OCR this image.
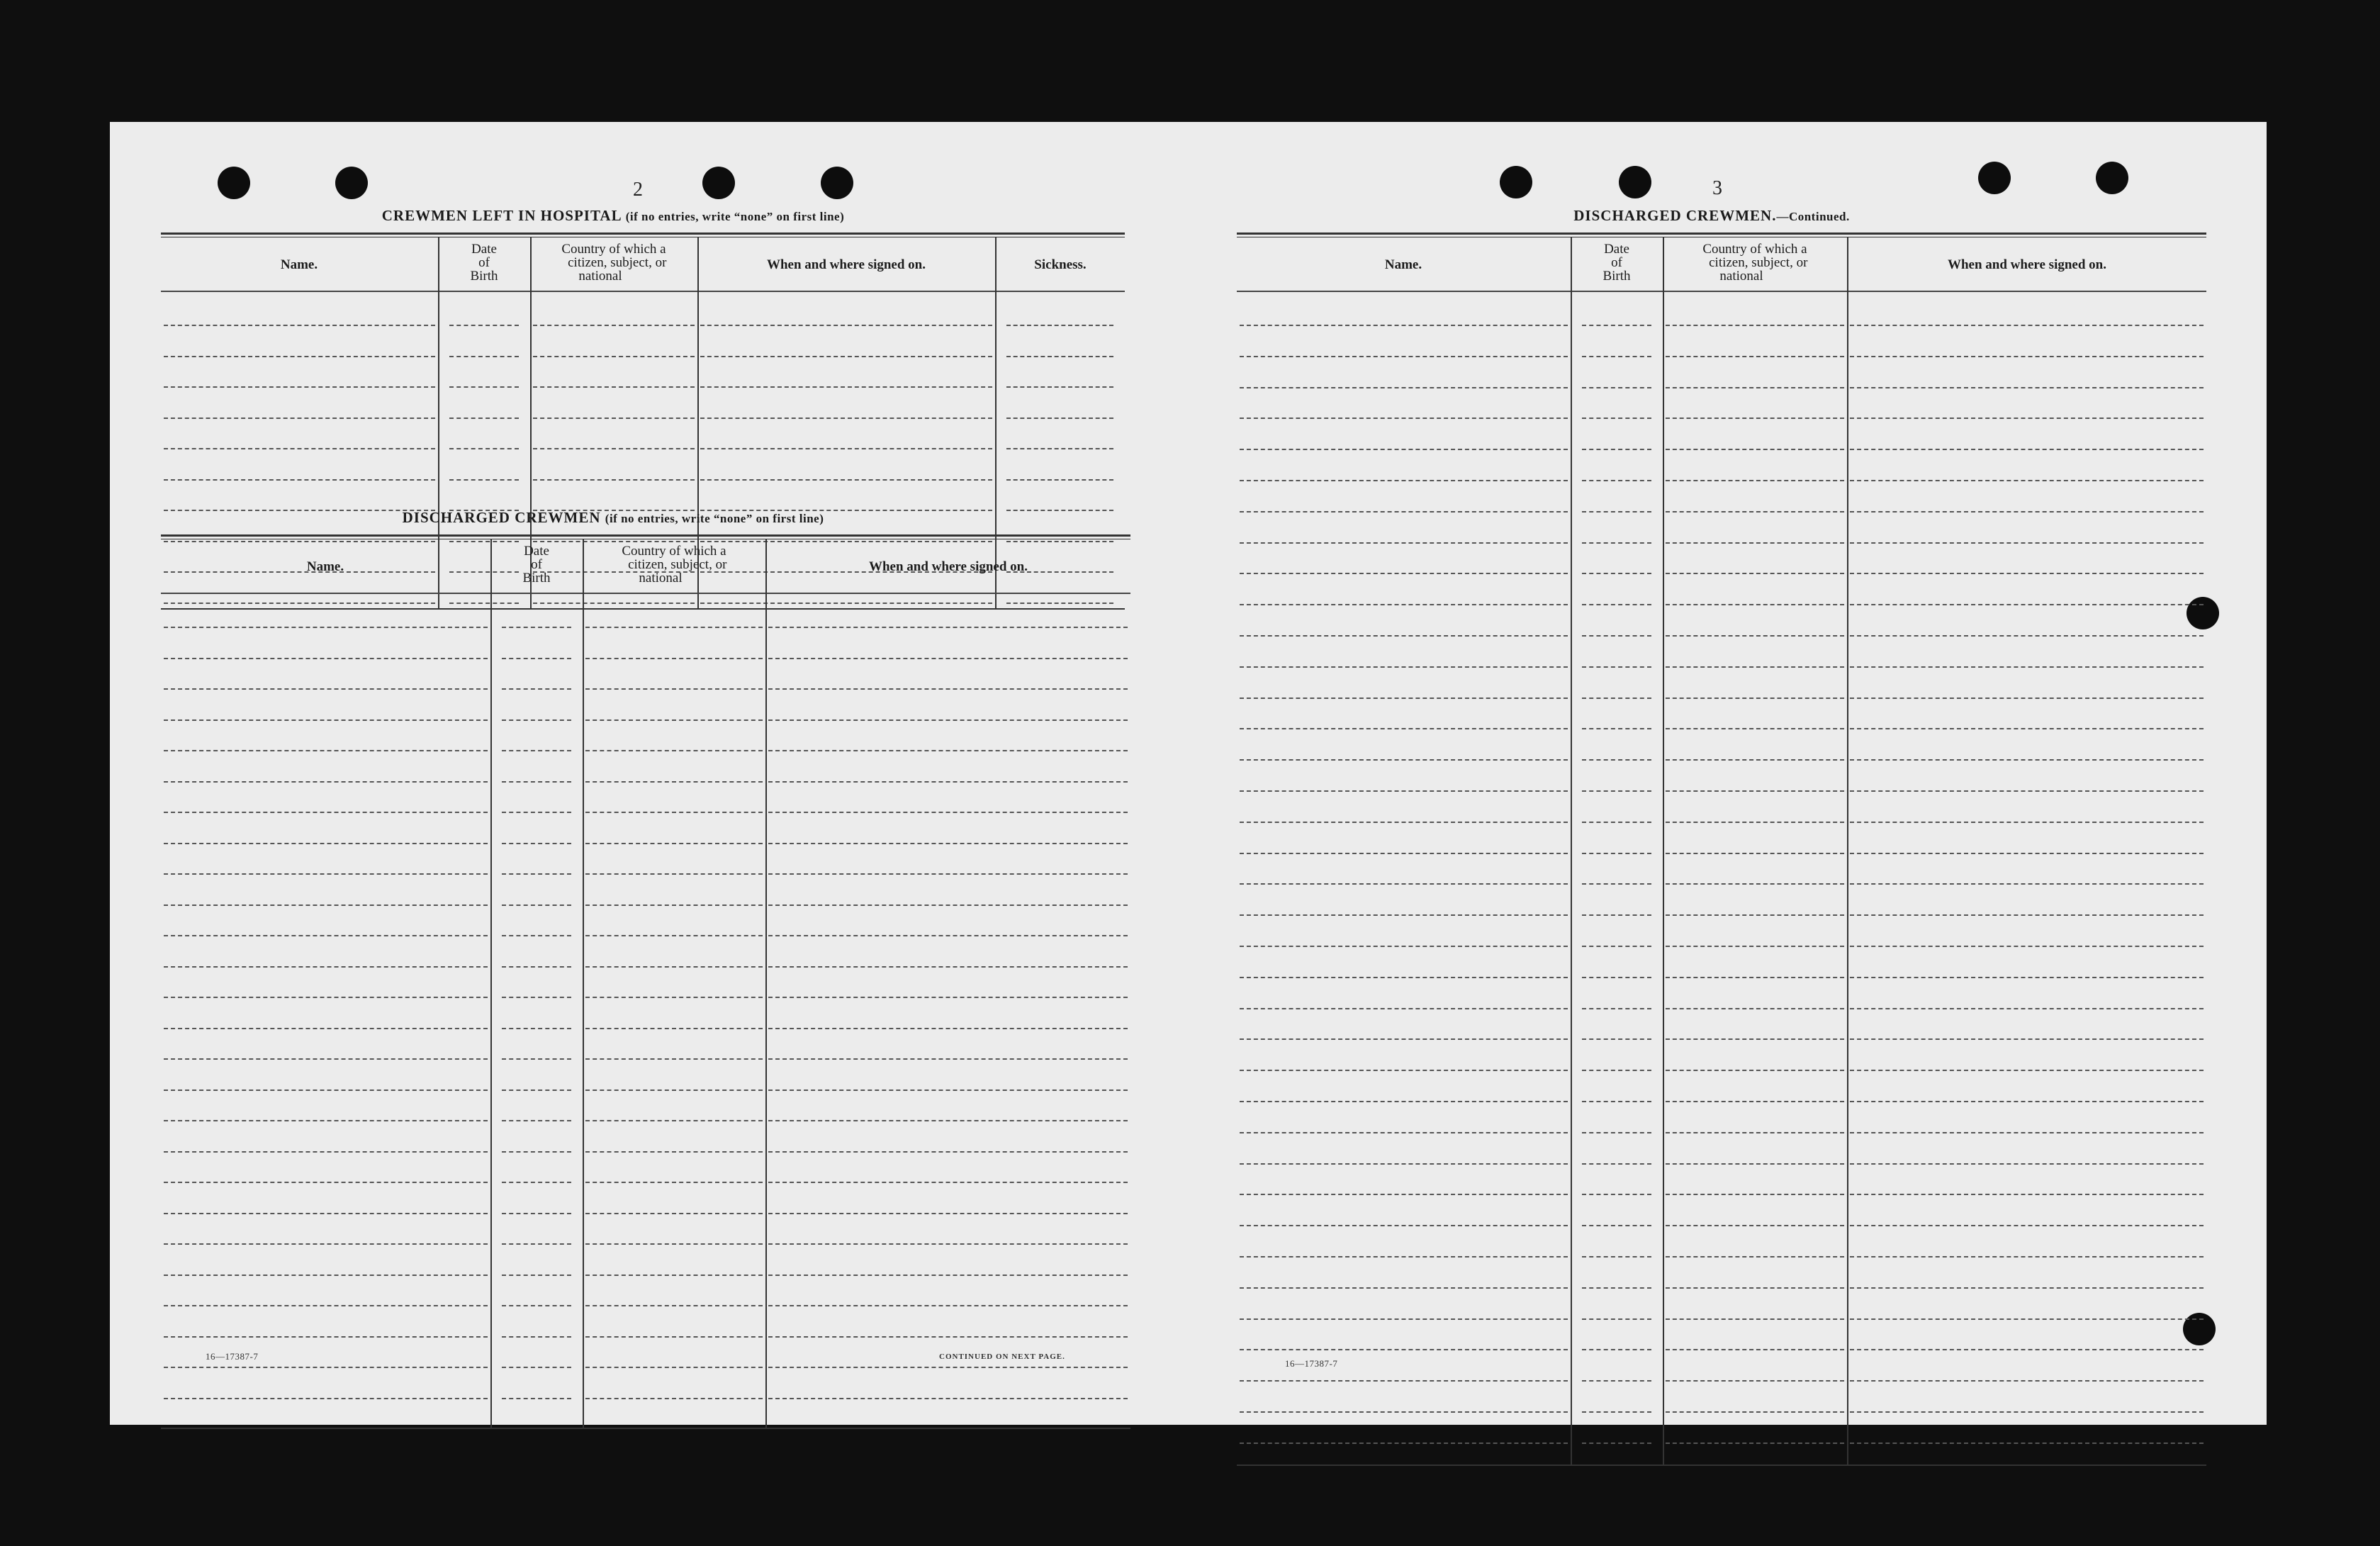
2
CREWMEN LEFT IN HOSPITAL (if no entries, write “none” on first line)
Name.
Date
of
Birth
Country of which a
citizen, subject, or
national
When and where signed on.	Sickness.
DISCHARGED CREWMEN (if no entries, write “none” on first line)
Name.
Date
of
Birth
Country of which a
citizen, subject, or
national
When and where signed on.
16—17387-7	CONTINUED ON NEXT PAGE.
3
DISCHARGED CREWMEN.—Continued.
Name.
Date
of
Birth
Country of which a
citizen, subject, or
national
When and where signed on.
16—17387-7
